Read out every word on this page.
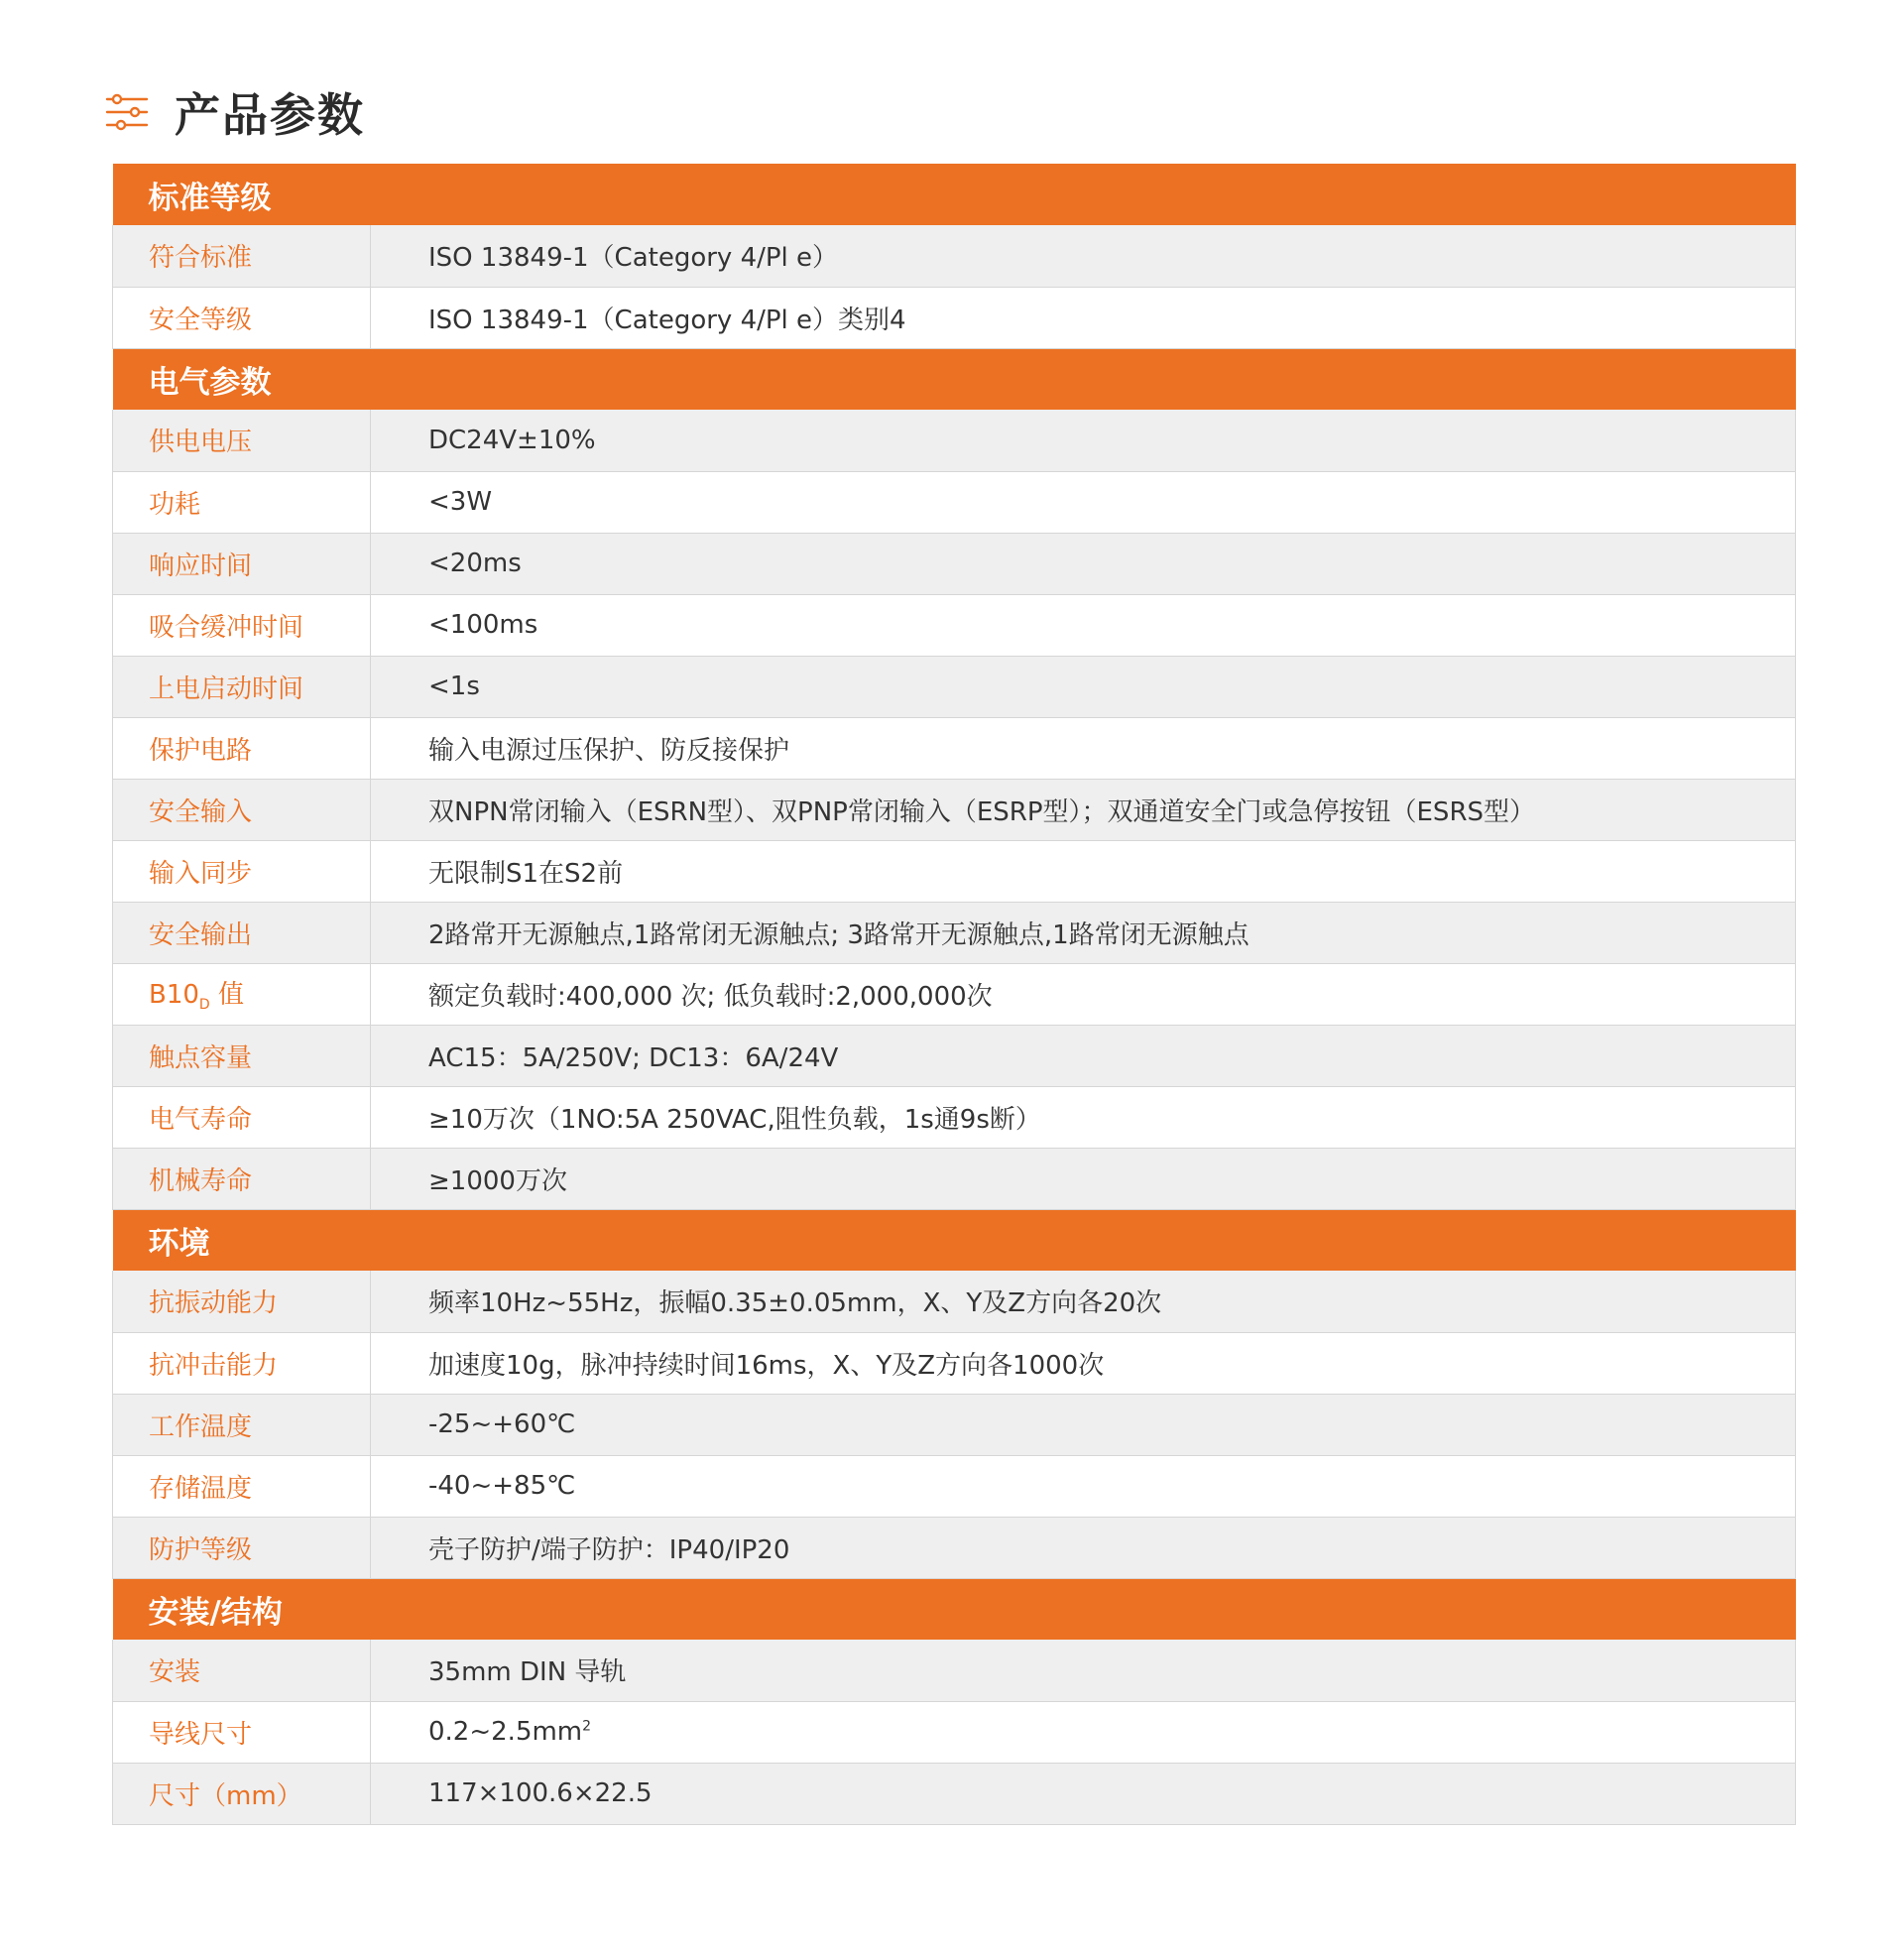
产品参数
标准等级	
符合标准	ISO 13849-1（Category 4/Pl e）
安全等级	ISO 13849-1（Category 4/Pl e）类别4
电气参数	
供电电压	DC24V±10%
功耗	<3W
响应时间	<20ms
吸合缓冲时间	<100ms
上电启动时间	<1s
保护电路	输入电源过压保护、防反接保护
安全输入	双NPN常闭输入（ESRN型）、双PNP常闭输入（ESRP型）；双通道安全门或急停按钮（ESRS型）
输入同步	无限制S1在S2前
安全输出	2路常开无源触点,1路常闭无源触点; 3路常开无源触点,1路常闭无源触点
$B10_D$ 值	额定负载时:400,000 次; 低负载时:2,000,000次
触点容量	AC15：5A/250V; DC13：6A/24V
电气寿命	≥10万次（1NO:5A 250VAC,阻性负载，1s通9s断）
机械寿命	≥1000万次
环境	
抗振动能力	频率10Hz~55Hz，振幅0.35±0.05mm，X、Y及Z方向各20次
抗冲击能力	加速度10g，脉冲持续时间16ms，X、Y及Z方向各1000次
工作温度	-25~+60℃
存储温度	-40~+85℃
防护等级	壳子防护/端子防护：IP40/IP20
安装/结构	
安装	35mm DIN 导轨
导线尺寸	$0.2\sim 2.5mm^2$
尺寸（mm）	117×100.6×22.5
